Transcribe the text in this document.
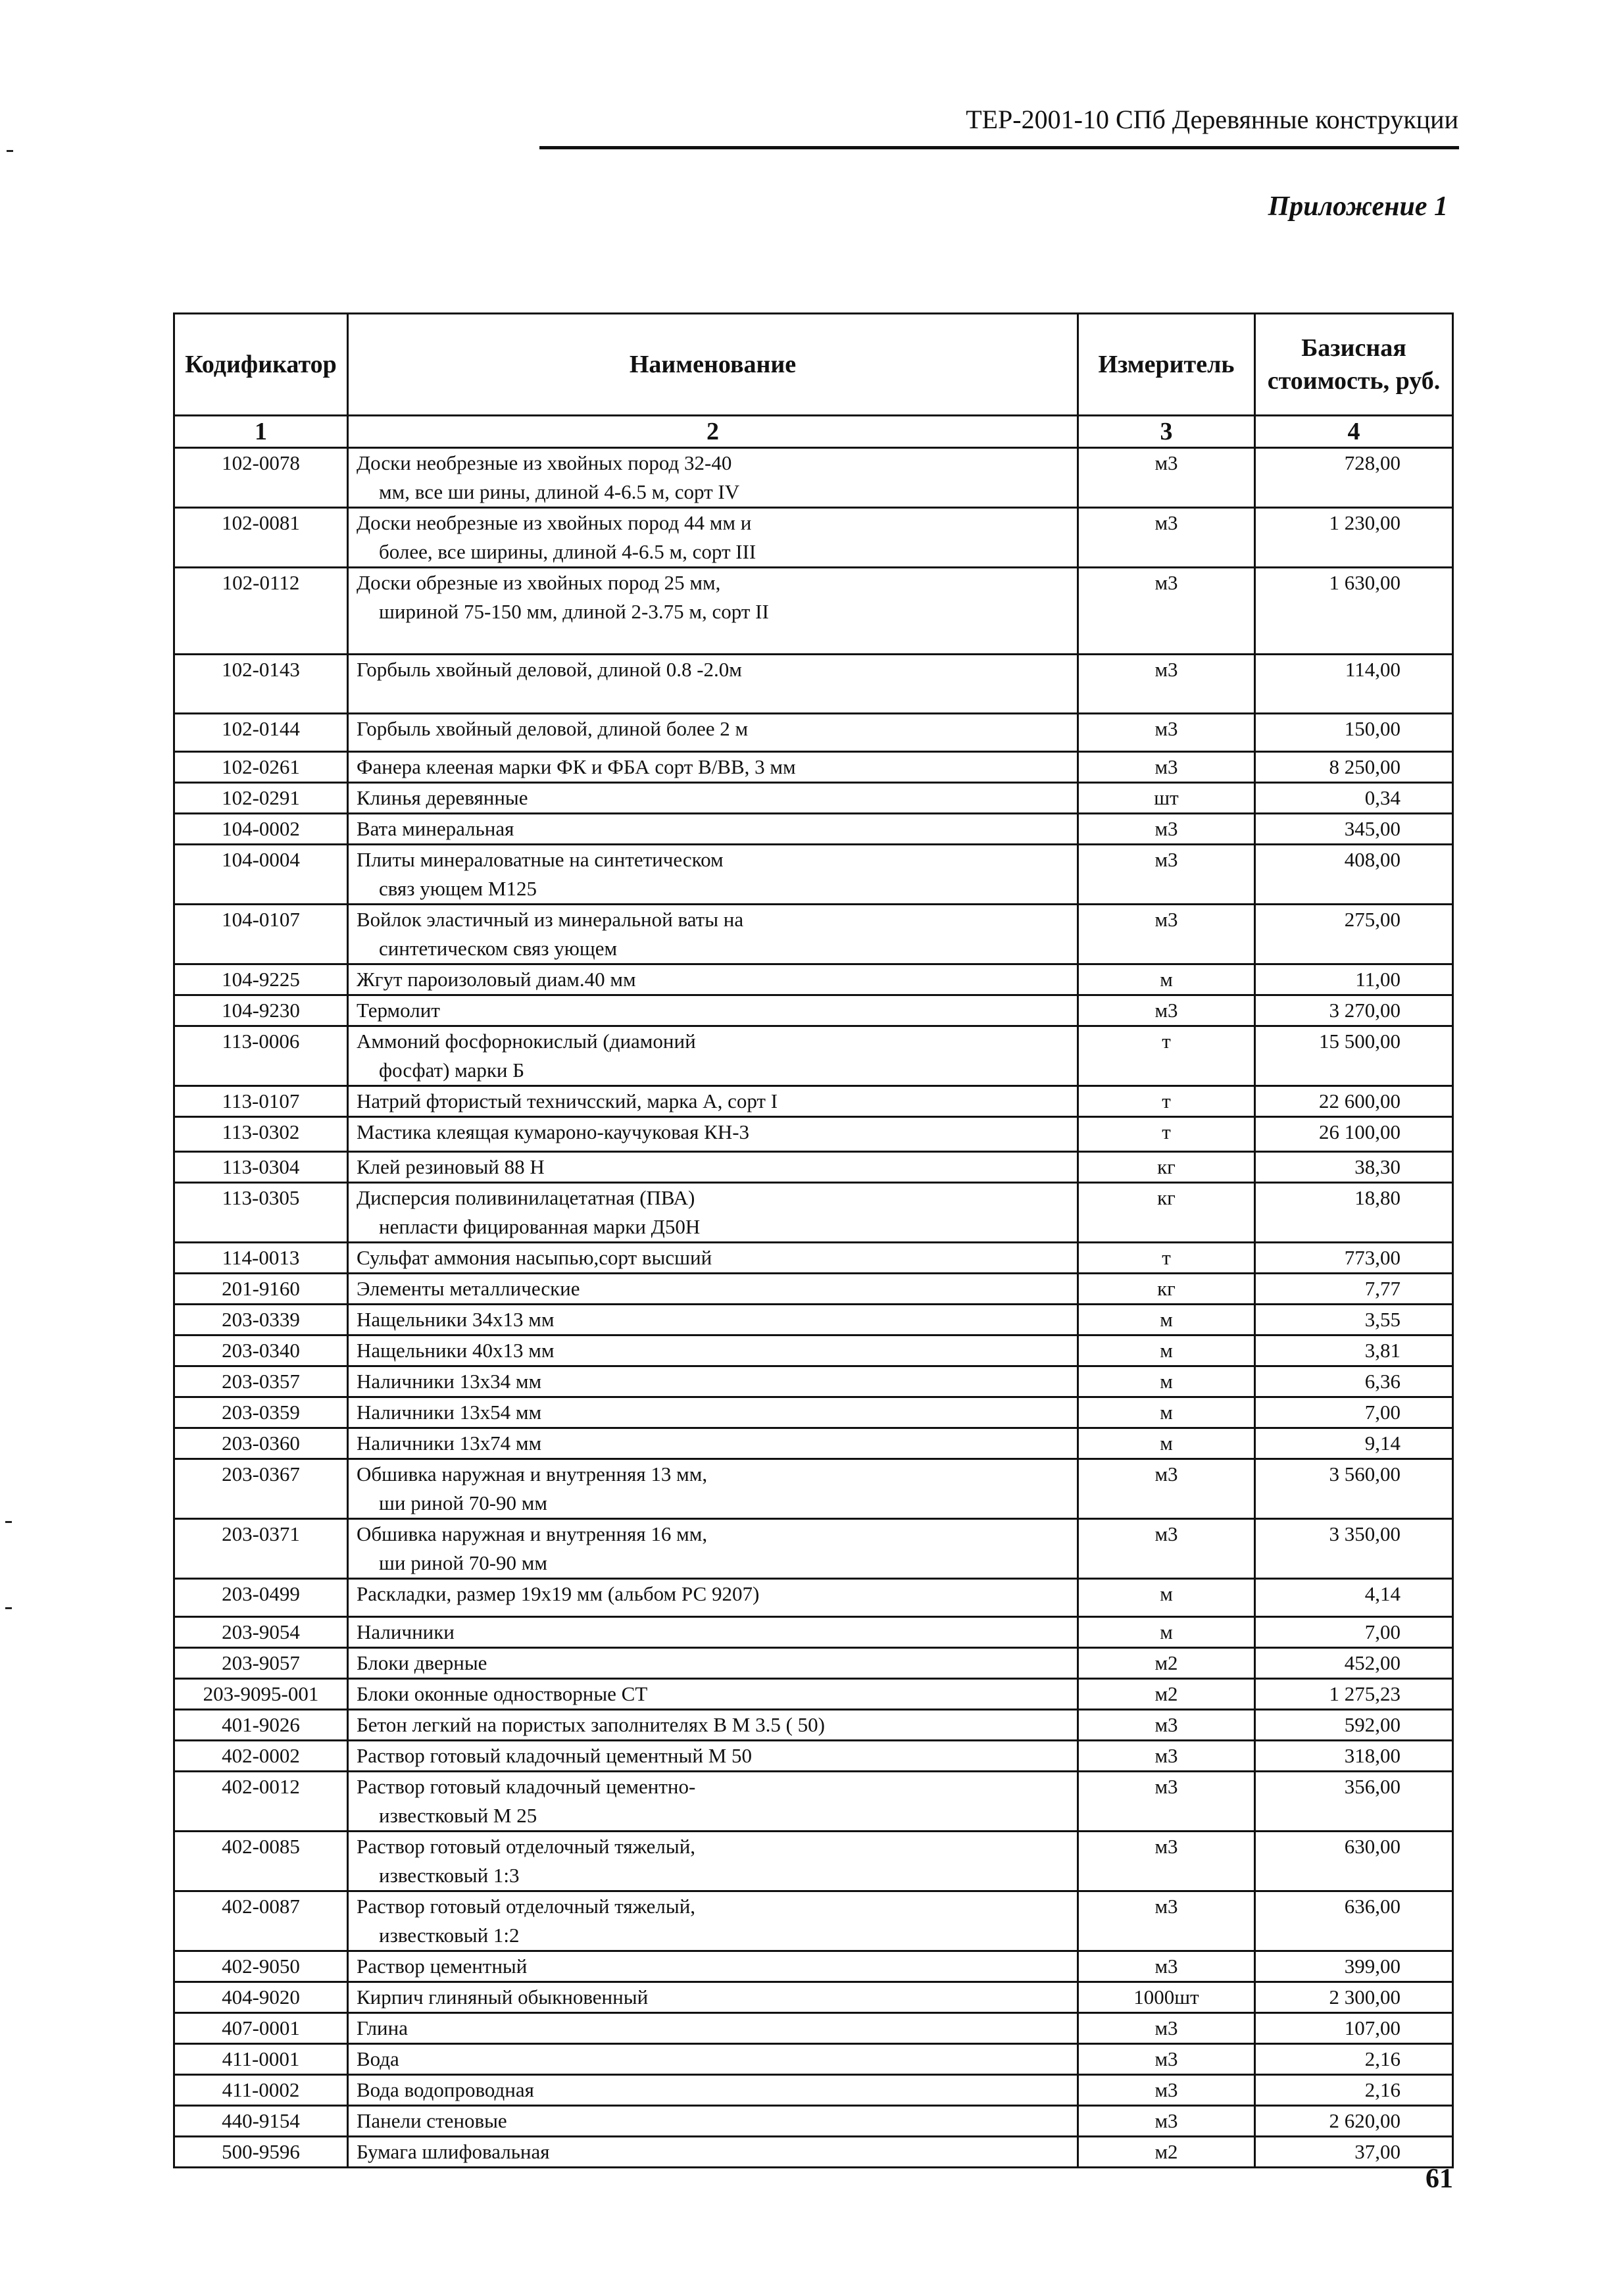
ТЕР-2001-10 СПб Деревянные конструкции
Приложение 1
Кодификатор	Наименование	Измеритель	Базисная стоимость, руб.
1	2	3	4
102-0078	Доски необрезные из хвойных пород 32-40
мм, все ши рины, длиной 4-6.5 м, сорт IV	м3	728,00
102-0081	Доски необрезные из хвойных пород 44 мм и
более, все ширины, длиной 4-6.5 м, сорт III	м3	1 230,00
102-0112	Доски обрезные из хвойных пород 25 мм,
шириной 75-150 мм, длиной 2-3.75 м, сорт II	м3	1 630,00
102-0143	Горбыль хвойный деловой, длиной 0.8 -2.0м	м3	114,00
102-0144	Горбыль хвойный деловой, длиной более 2 м	м3	150,00
102-0261	Фанера клееная марки ФК и ФБА сорт В/ВВ, 3 мм	м3	8 250,00
102-0291	Клинья деревянные	шт	0,34
104-0002	Вата минеральная	м3	345,00
104-0004	Плиты минераловатные на синтетическом
связ ующем М125	м3	408,00
104-0107	Войлок эластичный из минеральной ваты на
синтетическом связ ующем	м3	275,00
104-9225	Жгут пароизоловый диам.40 мм	м	11,00
104-9230	Термолит	м3	3 270,00
113-0006	Аммоний фосфорнокислый (диамоний
фосфат) марки Б	т	15 500,00
113-0107	Натрий фтористый техничсский, марка А, сорт I	т	22 600,00
113-0302	Мастика клеящая кумароно-каучуковая КН-3	т	26 100,00
113-0304	Клей резиновый 88 Н	кг	38,30
113-0305	Дисперсия поливинилацетатная (ПВА)
непласти фицированная марки Д50Н	кг	18,80
114-0013	Сульфат аммония насыпью,сорт высший	т	773,00
201-9160	Элементы металлические	кг	7,77
203-0339	Нащельники 34х13 мм	м	3,55
203-0340	Нащельники 40х13 мм	м	3,81
203-0357	Наличники 13х34 мм	м	6,36
203-0359	Наличники 13х54 мм	м	7,00
203-0360	Наличники 13х74 мм	м	9,14
203-0367	Обшивка наружная и внутренняя 13 мм,
ши риной 70-90 мм	м3	3 560,00
203-0371	Обшивка наружная и внутренняя 16 мм,
ши риной 70-90 мм	м3	3 350,00
203-0499	Раскладки, размер 19х19 мм (альбом РС 9207)	м	4,14
203-9054	Наличники	м	7,00
203-9057	Блоки дверные	м2	452,00
203-9095-001	Блоки оконные одностворные СТ	м2	1 275,23
401-9026	Бетон легкий на пористых заполнителях В М 3.5 ( 50)	м3	592,00
402-0002	Раствор готовый кладочный цементный М 50	м3	318,00
402-0012	Раствор готовый кладочный цементно-
известковый М 25	м3	356,00
402-0085	Раствор готовый отделочный тяжелый,
известковый 1:3	м3	630,00
402-0087	Раствор готовый отделочный тяжелый,
известковый 1:2	м3	636,00
402-9050	Раствор цементный	м3	399,00
404-9020	Кирпич глиняный обыкновенный	1000шт	2 300,00
407-0001	Глина	м3	107,00
411-0001	Вода	м3	2,16
411-0002	Вода водопроводная	м3	2,16
440-9154	Панели стеновые	м3	2 620,00
500-9596	Бумага шлифовальная	м2	37,00
61
